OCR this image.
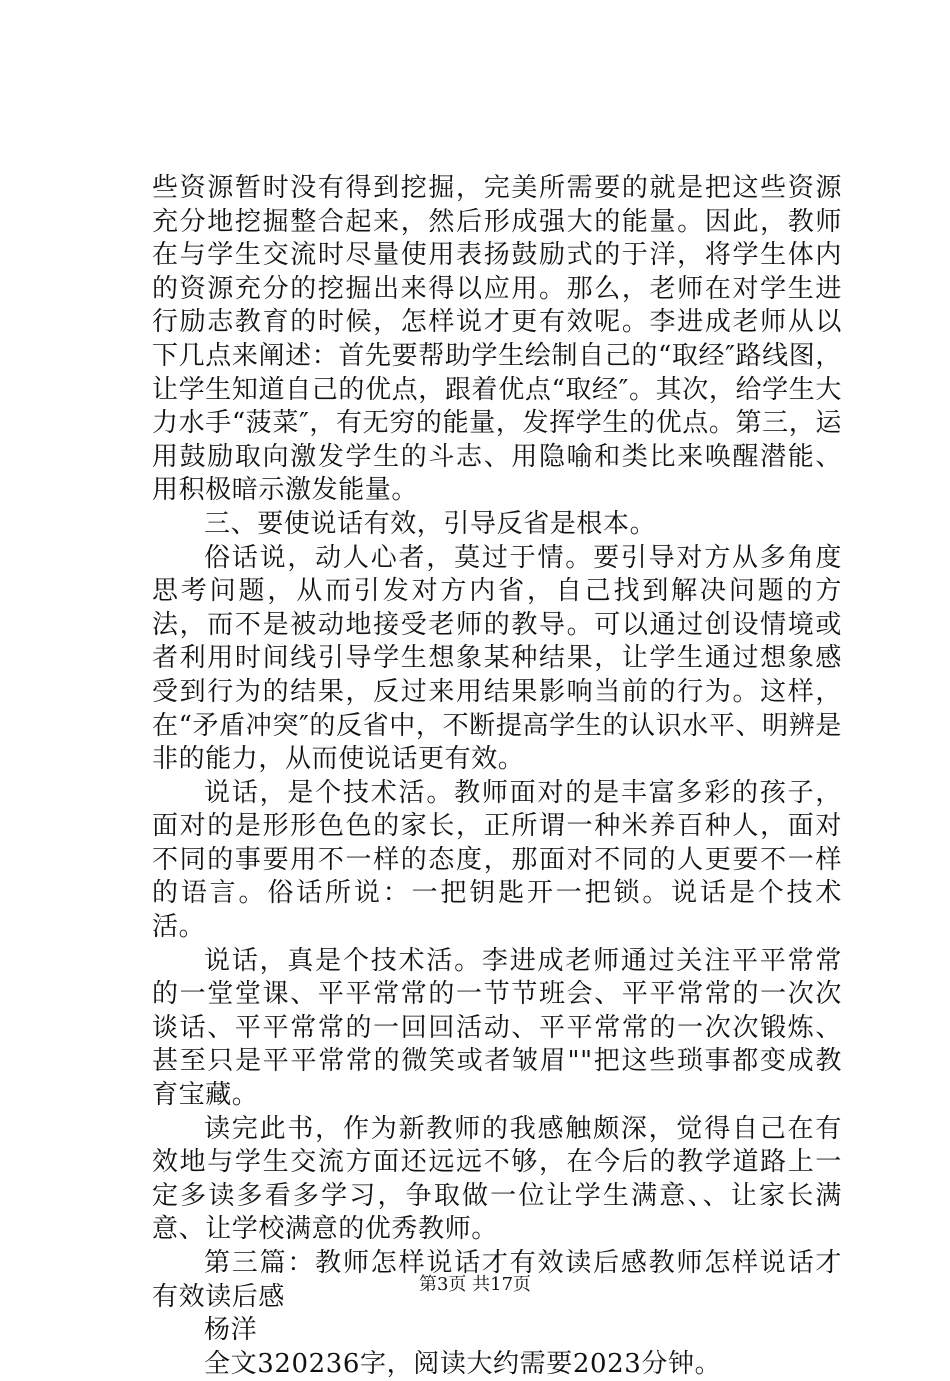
些资源暂时没有得到挖掘，完美所需要的就是把这些资源充分地挖掘整合起来，然后形成强大的能量。因此，教师在与学生交流时尽量使用表扬鼓励式的于洋，将学生体内的资源充分的挖掘出来得以应用。那么，老师在对学生进行励志教育的时候，怎样说才更有效呢。李进成老师从以下几点来阐述：首先要帮助学生绘制自己的“取经″路线图，让学生知道自己的优点，跟着优点“取经″。其次，给学生大力水手“菠菜″，有无穷的能量，发挥学生的优点。第三，运用鼓励取向激发学生的斗志、用隐喻和类比来唤醒潜能、用积极暗示激发能量。

三、要使说话有效，引导反省是根本。

俗话说，动人心者，莫过于情。要引导对方从多角度思考问题，从而引发对方内省，自己找到解决问题的方法，而不是被动地接受老师的教导。可以通过创设情境或者利用时间线引导学生想象某种结果，让学生通过想象感受到行为的结果，反过来用结果影响当前的行为。这样，在“矛盾冲突″的反省中，不断提高学生的认识水平、明辨是非的能力，从而使说话更有效。

说话，是个技术活。教师面对的是丰富多彩的孩子，面对的是形形色色的家长，正所谓一种米养百种人，面对不同的事要用不一样的态度，那面对不同的人更要不一样的语言。俗话所说：一把钥匙开一把锁。说话是个技术活。

说话，真是个技术活。李进成老师通过关注平平常常的一堂堂课、平平常常的一节节班会、平平常常的一次次谈话、平平常常的一回回活动、平平常常的一次次锻炼、甚至只是平平常常的微笑或者皱眉""把这些琐事都变成教育宝藏。

读完此书，作为新教师的我感触颇深，觉得自己在有效地与学生交流方面还远远不够，在今后的教学道路上一定多读多看多学习，争取做一位让学生满意、、让家长满意、让学校满意的优秀教师。

第三篇：教师怎样说话才有效读后感教师怎样说话才有效读后感

杨洋

全文320236字，阅读大约需要2023分钟。

第3页 共17页
